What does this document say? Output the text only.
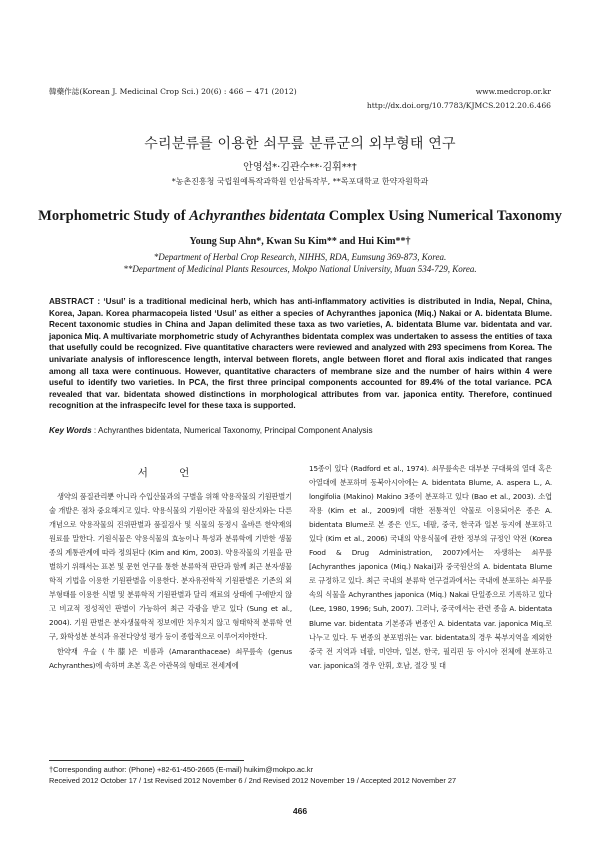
韓藥作誌(Korean J. Medicinal Crop Sci.) 20(6) : 466 − 471 (2012)	www.medcrop.or.kr
http://dx.doi.org/10.7783/KJMCS.2012.20.6.466
수리분류를 이용한 쇠무릎 분류군의 외부형태 연구
안영섭*·김관수**·김휘**†
*농촌진흥청 국립원예특작과학원 인삼특작부, **목포대학교 한약자원학과
Morphometric Study of Achyranthes bidentata Complex Using Numerical Taxonomy
Young Sup Ahn*, Kwan Su Kim** and Hui Kim**†
*Department of Herbal Crop Research, NIHHS, RDA, Eumsung 369-873, Korea.
**Department of Medicinal Plants Resources, Mokpo National University, Muan 534-729, Korea.

ABSTRACT : ‘Usul’ is a traditional medicinal herb, which has anti-inflammatory activities is distributed in India, Nepal, China, Korea, Japan. Korea pharmacopeia listed ‘Usul’ as either a species of Achyranthes japonica (Miq.) Nakai or A. bidentata Blume. Recent taxonomic studies in China and Japan delimited these taxa as two varieties, A. bidentata Blume var. bidentata and var. japonica Miq. A multivariate morphometric study of Achyranthes bidentata complex was undertaken to assess the entities of taxa that usefully could be recognized. Five quantitative characters were reviewed and analyzed with 293 specimens from Korea. The univariate analysis of inflorescence length, interval between florets, angle between floret and floral axis indicated that ranges among all taxa were continuous. However, quantitative characters of membrane size and the number of hairs within 4 were useful to identify two varieties. In PCA, the first three principal components accounted for 89.4% of the total variance. PCA revealed that var. bidentata showed distinctions in morphological attributes from var. japonica entity. Therefore, continued recognition at the infraspecifc level for these taxa is supported.

Key Words : Achyranthes bidentata, Numerical Taxonomy, Principal Component Analysis
서 언

생약의 품질관리뿐 아니라 수입산물과의 구별을 위해 약용작물의 기원판별기술 개발은 점차 중요해지고 있다. 약용식물의 기원이란 작물의 원산지와는 다른 개념으로 약용작물의 진위판별과 품질검사 및 식물의 동정시 올바른 한약재의 원료를 말한다. 기원식물은 약용식물의 효능이나 특성과 분류학에 기반한 생물종의 계통관계에 따라 정의된다 (Kim and Kim, 2003). 약용작물의 기원을 판별하기 위해서는 표본 및 문헌 연구를 통한 분류학적 판단과 함께 최근 분자생물학적 기법을 이용한 기원판별을 이용한다. 분자유전학적 기원판별은 기존의 외부형태를 이용한 식별 및 분류학적 기원판별과 달리 재료의 상태에 구애받지 않고 비교적 정성적인 판별이 가능하여 최근 각광을 받고 있다 (Sung et al., 2004). 기원 판별은 분자생물학적 정보에만 치우치지 않고 형태학적 분류학 연구, 화학성분 분석과 유전다양성 평가 등이 종합적으로 이루어져야한다.

한약재 우슬 (牛膝)은 비름과 (Amaranthaceae) 쇠무릎속 (genus Achyranthes)에 속하며 초본 혹은 아관목의 형태로 전세계에

15종이 있다 (Radford et al., 1974). 쇠무릎속은 대부분 구대륙의 열대 혹은 아열대에 분포하며 동북아시아에는 A. bidentata Blume, A. aspera L., A. longifolia (Makino) Makino 3종이 분포하고 있다 (Bao et al., 2003). 소엽작용 (Kim et al., 2009)에 대한 전통적인 약물로 이용되어온 종은 A. bidentata Blume로 본 종은 인도, 네팔, 중국, 한국과 일본 등지에 분포하고 있다 (Kim et al., 2006) 국내의 약용식물에 관한 정부의 규정인 약전 (Korea Food & Drug Administration, 2007)에서는 자생하는 쇠무릎 [Achyranthes japonica (Miq.) Nakai]과 중국원산의 A. bidentata Blume로 규정하고 있다. 최근 국내의 분류학 연구결과에서는 국내에 분포하는 쇠무릎속의 식물을 Achyranthes japonica (Miq.) Nakai 단일종으로 기록하고 있다 (Lee, 1980, 1996; Suh, 2007). 그러나, 중국에서는 관련 종을 A. bidentata Blume var. bidentata 기본종과 변종인 A. bidentata var. japonica Miq.로 나누고 있다. 두 변종의 분포범위는 var. bidentata의 경우 북부지역을 제외한 중국 전 지역과 네팔, 미얀마, 일본, 한국, 필리핀 등 아시아 전체에 분포하고 var. japonica의 경우 안휘, 호남, 절강 및 대

†Corresponding author: (Phone) +82-61-450-2665 (E-mail) huikim@mokpo.ac.kr
Received 2012 October 17 / 1st Revised 2012 November 6 / 2nd Revised 2012 November 19 / Accepted 2012 November 27
466
